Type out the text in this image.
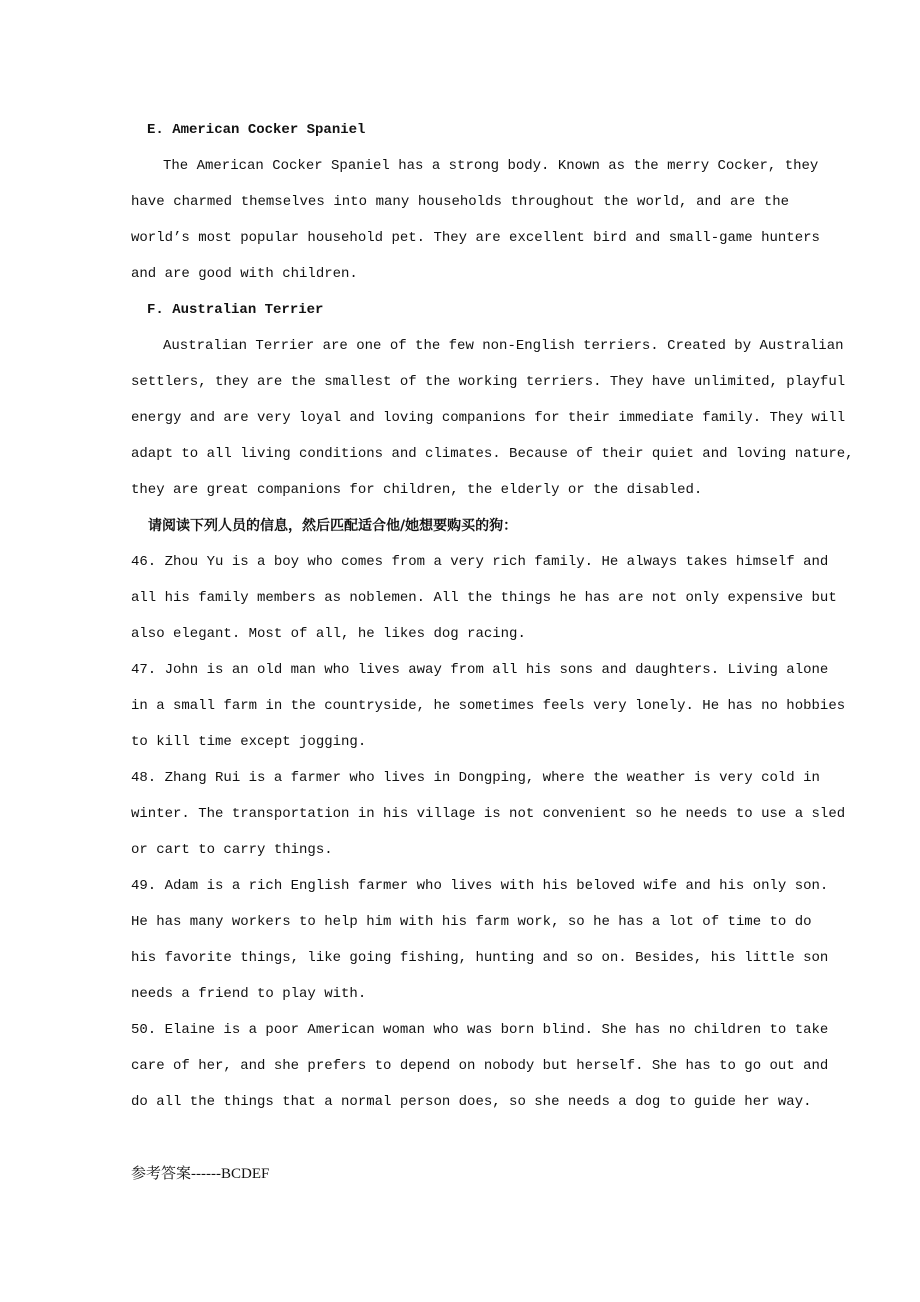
E. American Cocker Spaniel
The American Cocker Spaniel has a strong body. Known as the merry Cocker, they
have charmed themselves into many households throughout the world, and are the
world’s most popular household pet. They are excellent bird and small-game hunters
and are good with children.
F. Australian Terrier
Australian Terrier are one of the few non-English terriers. Created by Australian
settlers, they are the smallest of the working terriers. They have unlimited, playful
energy and are very loyal and loving companions for their immediate family. They will
adapt to all living conditions and climates. Because of their quiet and loving nature,
they are great companions for children, the elderly or the disabled.
请阅读下列人员的信息，然后匹配适合他/她想要购买的狗：
46. Zhou Yu is a boy who comes from a very rich family. He always takes himself and
all his family members as noblemen. All the things he has are not only expensive but
also elegant. Most of all, he likes dog racing.
47. John is an old man who lives away from all his sons and daughters. Living alone
in a small farm in the countryside, he sometimes feels very lonely. He has no hobbies
to kill time except jogging.
48. Zhang Rui is a farmer who lives in Dongping, where the weather is very cold in
winter. The transportation in his village is not convenient so he needs to use a sled
or cart to carry things.
49. Adam is a rich English farmer who lives with his beloved wife and his only son.
He has many workers to help him with his farm work, so he has a lot of time to do
his favorite things, like going fishing, hunting and so on. Besides, his little son
needs a friend to play with.
50. Elaine is a poor American woman who was born blind. She has no children to take
care of her, and she prefers to depend on nobody but herself. She has to go out and
do all the things that a normal person does, so she needs a dog to guide her way.
参考答案------BCDEF
